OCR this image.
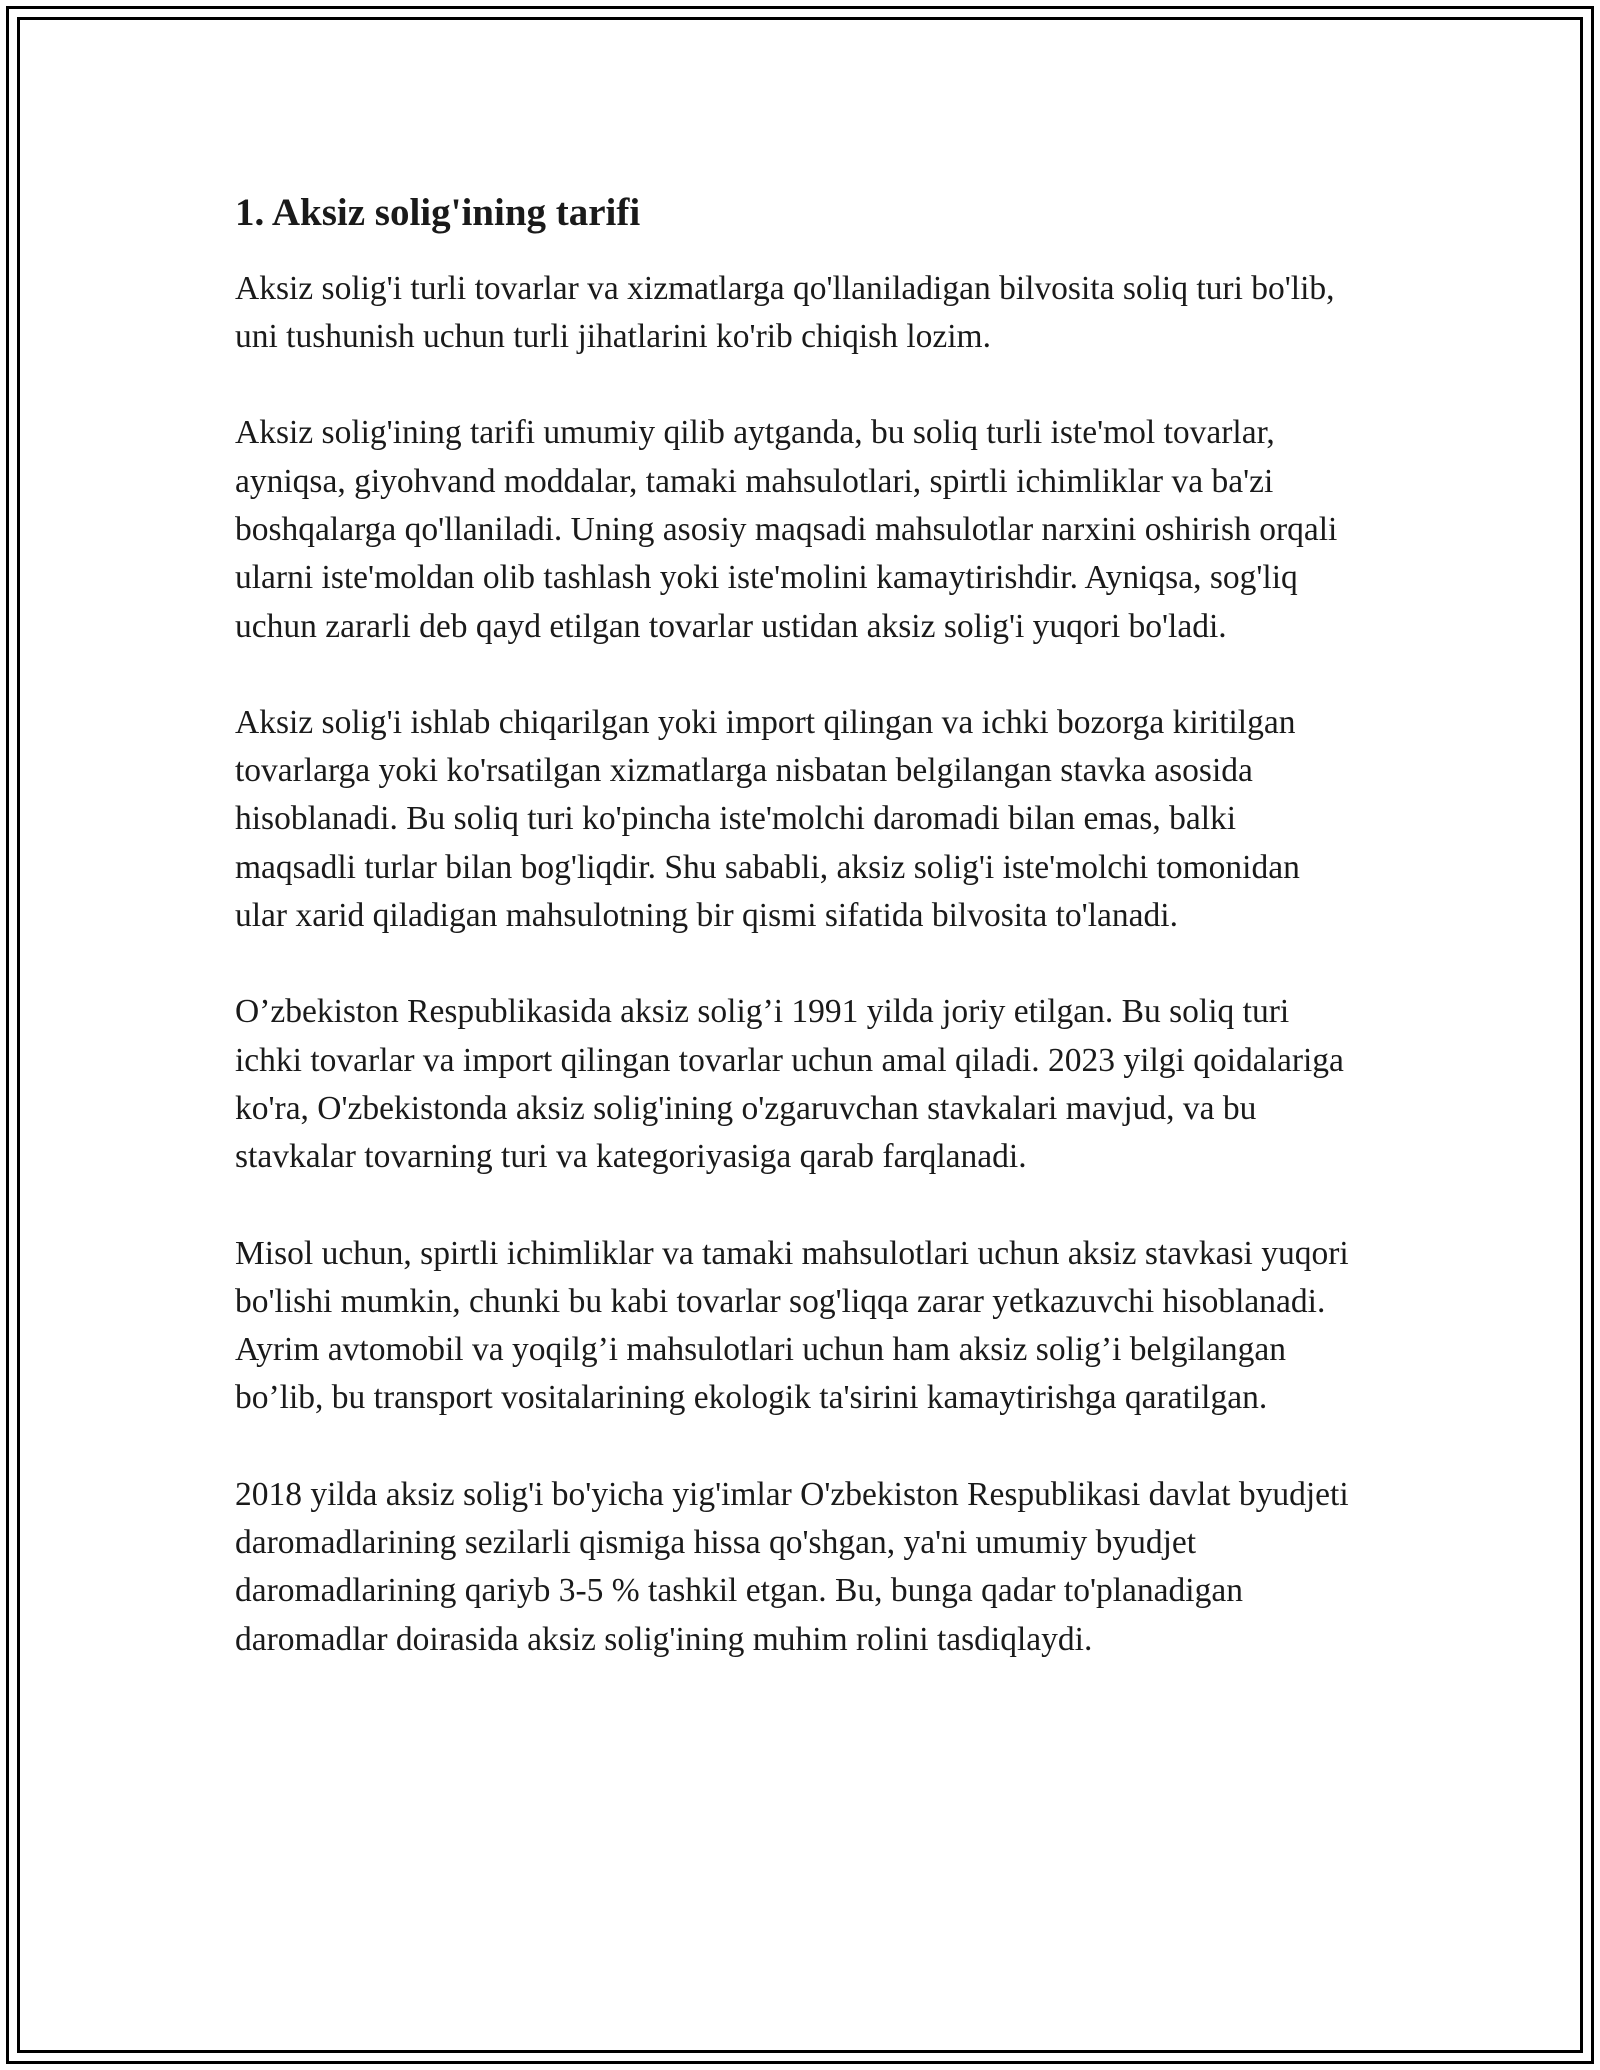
1. Aksiz solig'ining tarifi

Aksiz solig'i turli tovarlar va xizmatlarga qo'llaniladigan bilvosita soliq turi bo'lib, uni tushunish uchun turli jihatlarini ko'rib chiqish lozim.

Aksiz solig'ining tarifi umumiy qilib aytganda, bu soliq turli iste'mol tovarlar, ayniqsa, giyohvand moddalar, tamaki mahsulotlari, spirtli ichimliklar va ba'zi boshqalarga qo'llaniladi. Uning asosiy maqsadi mahsulotlar narxini oshirish orqali ularni iste'moldan olib tashlash yoki iste'molini kamaytirishdir. Ayniqsa, sog'liq uchun zararli deb qayd etilgan tovarlar ustidan aksiz solig'i yuqori bo'ladi.

Aksiz solig'i ishlab chiqarilgan yoki import qilingan va ichki bozorga kiritilgan tovarlarga yoki ko'rsatilgan xizmatlarga nisbatan belgilangan stavka asosida hisoblanadi. Bu soliq turi ko'pincha iste'molchi daromadi bilan emas, balki maqsadli turlar bilan bog'liqdir. Shu sababli, aksiz solig'i iste'molchi tomonidan ular xarid qiladigan mahsulotning bir qismi sifatida bilvosita to'lanadi.

O’zbekiston Respublikasida aksiz solig’i 1991 yilda joriy etilgan. Bu soliq turi ichki tovarlar va import qilingan tovarlar uchun amal qiladi. 2023 yilgi qoidalariga ko'ra, O'zbekistonda aksiz solig'ining o'zgaruvchan stavkalari mavjud, va bu stavkalar tovarning turi va kategoriyasiga qarab farqlanadi.

Misol uchun, spirtli ichimliklar va tamaki mahsulotlari uchun aksiz stavkasi yuqori bo'lishi mumkin, chunki bu kabi tovarlar sog'liqqa zarar yetkazuvchi hisoblanadi. Ayrim avtomobil va yoqilg’i mahsulotlari uchun ham aksiz solig’i belgilangan bo’lib, bu transport vositalarining ekologik ta'sirini kamaytirishga qaratilgan.

2018 yilda aksiz solig'i bo'yicha yig'imlar O'zbekiston Respublikasi davlat byudjeti daromadlarining sezilarli qismiga hissa qo'shgan, ya'ni umumiy byudjet daromadlarining qariyb 3-5 % tashkil etgan. Bu, bunga qadar to'planadigan daromadlar doirasida aksiz solig'ining muhim rolini tasdiqlaydi.
